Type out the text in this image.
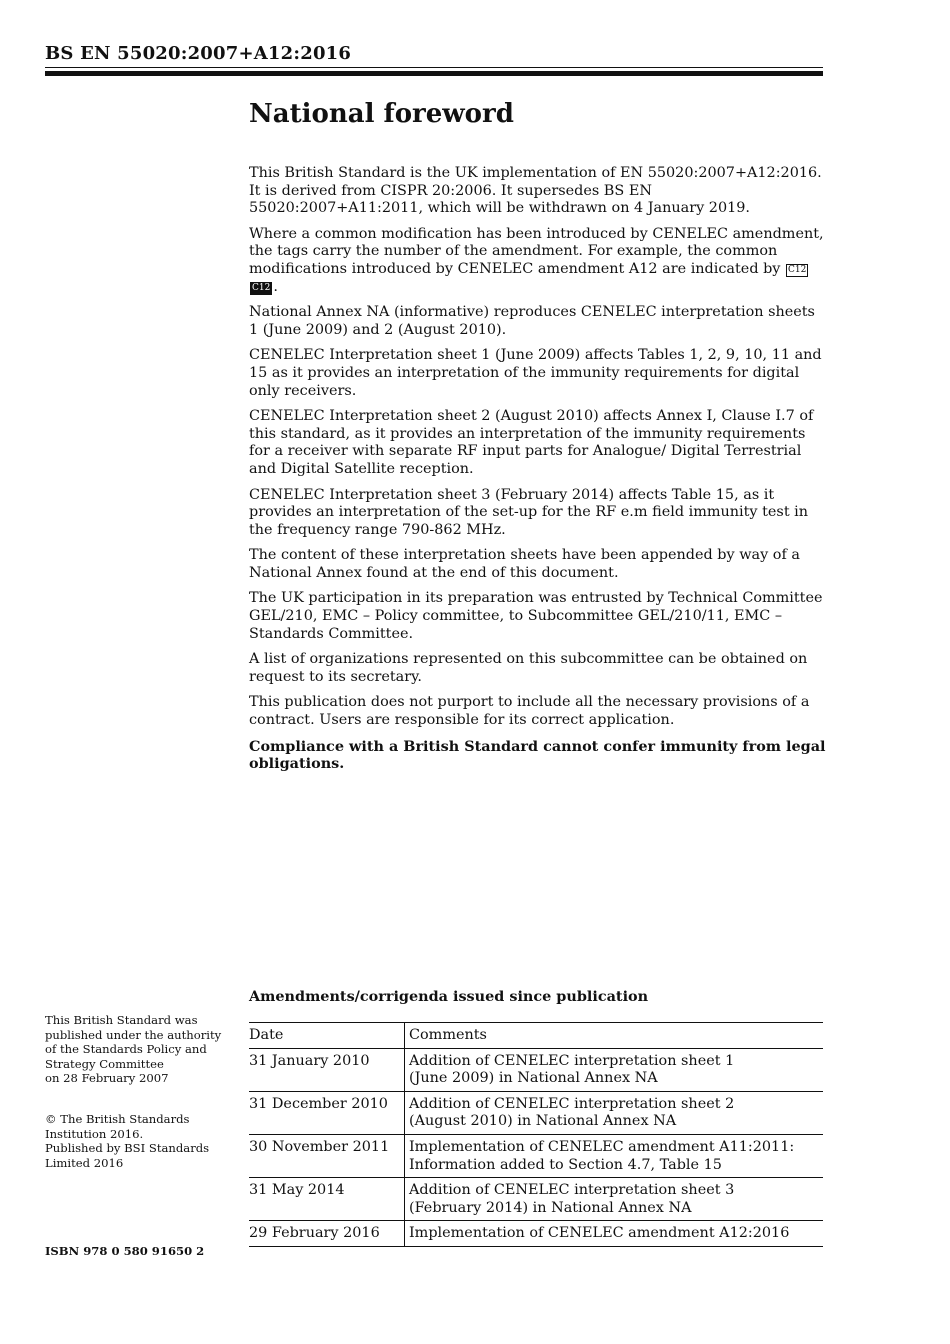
BS EN 55020:2007+A12:2016
National foreword

This British Standard is the UK implementation of EN 55020:2007+A12:2016. It is derived from CISPR 20:2006. It supersedes BS EN 55020:2007+A11:2011, which will be withdrawn on 4 January 2019.

Where a common modification has been introduced by CENELEC amendment, the tags carry the number of the amendment. For example, the common modifications introduced by CENELEC amendment A12 are indicated by C12C12 .

National Annex NA (informative) reproduces CENELEC interpretation sheets 1 (June 2009) and 2 (August 2010).

CENELEC Interpretation sheet 1 (June 2009) affects Tables 1, 2, 9, 10, 11 and 15 as it provides an interpretation of the immunity requirements for digital only receivers.

CENELEC Interpretation sheet 2 (August 2010) affects Annex I, Clause I.7 of this standard, as it provides an interpretation of the immunity requirements for a receiver with separate RF input parts for Analogue/ Digital Terrestrial and Digital Satellite reception.

CENELEC Interpretation sheet 3 (February 2014) affects Table 15, as it provides an interpretation of the set-up for the RF e.m field immunity test in the frequency range 790-862 MHz.

The content of these interpretation sheets have been appended by way of a National Annex found at the end of this document.

The UK participation in its preparation was entrusted by Technical Committee GEL/210, EMC – Policy committee, to Subcommittee GEL/210/11, EMC – Standards Committee.

A list of organizations represented on this subcommittee can be obtained on request to its secretary.

This publication does not purport to include all the necessary provisions of a contract. Users are responsible for its correct application.

Compliance with a British Standard cannot confer immunity from legal obligations.

Amendments/corrigenda issued since publication
Date	Comments
31 January 2010	Addition of CENELEC interpretation sheet 1
(June 2009) in National Annex NA

31 December 2010	Addition of CENELEC interpretation sheet 2
(August 2010) in National Annex NA

30 November 2011	Implementation of CENELEC amendment A11:2011:
Information added to Section 4.7, Table 15

31 May 2014	Addition of CENELEC interpretation sheet 3
(February 2014) in National Annex NA

29 February 2016	Implementation of CENELEC amendment A12:2016
This British Standard was
published under the authority
of the Standards Policy and
Strategy Committee
on 28 February 2007
© The British Standards
Institution 2016.
Published by BSI Standards
Limited 2016
ISBN 978 0 580 91650 2
